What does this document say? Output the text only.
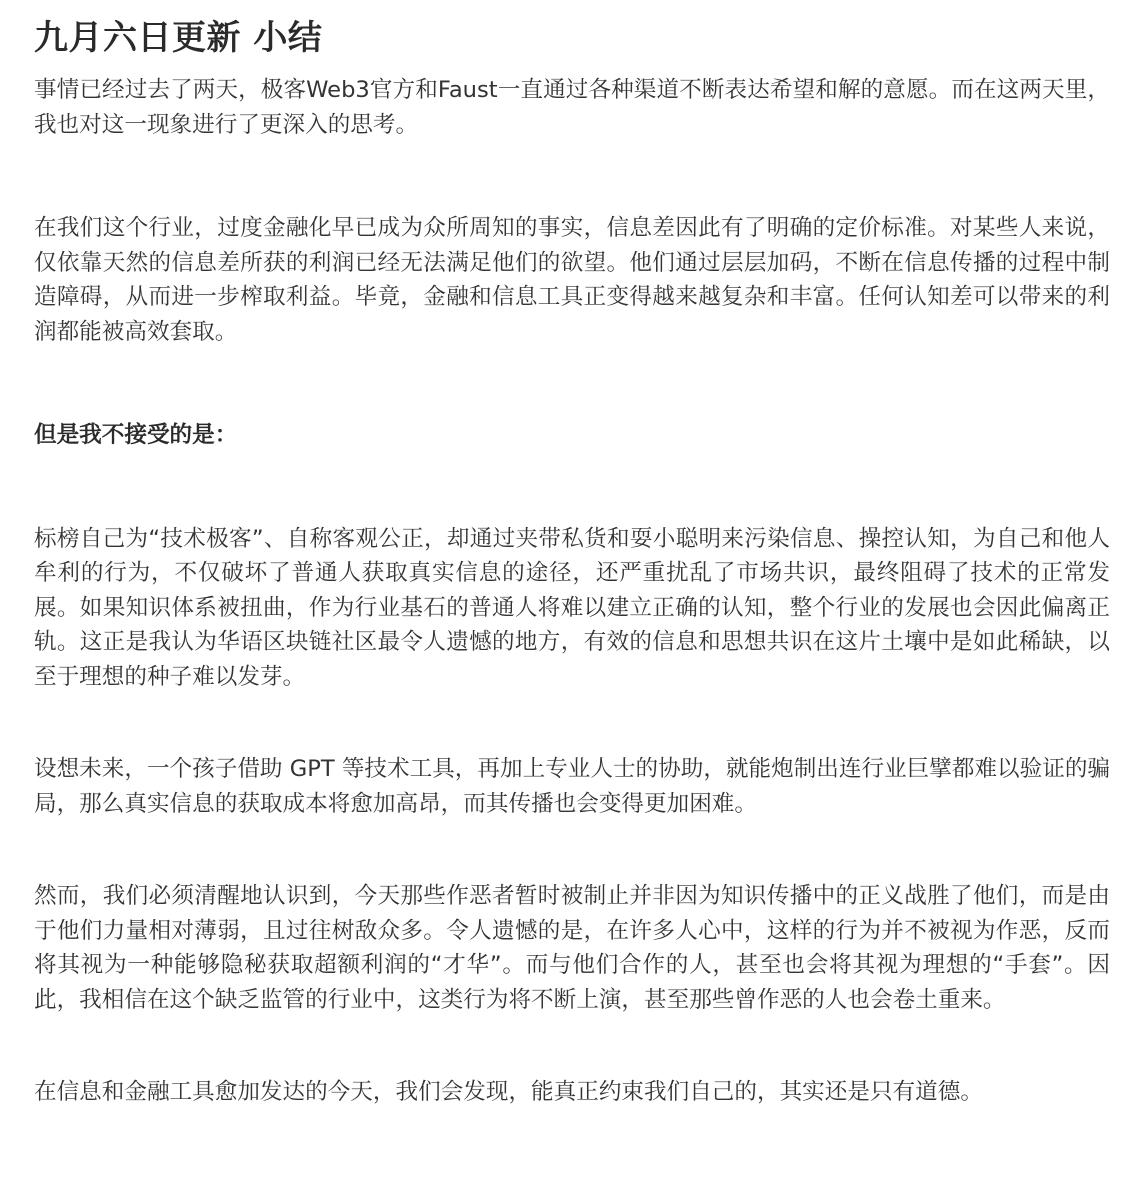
九月六日更新 小结

事情已经过去了两天，极客Web3官方和Faust一直通过各种渠道不断表达希望和解的意愿。而在这两天里，我也对这一现象进行了更深入的思考。

在我们这个行业，过度金融化早已成为众所周知的事实，信息差因此有了明确的定价标准。对某些人来说，仅依靠天然的信息差所获的利润已经无法满足他们的欲望。他们通过层层加码，不断在信息传播的过程中制造障碍，从而进一步榨取利益。毕竟，金融和信息工具正变得越来越复杂和丰富。任何认知差可以带来的利润都能被高效套取。

但是我不接受的是：

标榜自己为“技术极客”、自称客观公正，却通过夹带私货和耍小聪明来污染信息、操控认知，为自己和他人牟利的行为，不仅破坏了普通人获取真实信息的途径，还严重扰乱了市场共识，最终阻碍了技术的正常发展。如果知识体系被扭曲，作为行业基石的普通人将难以建立正确的认知，整个行业的发展也会因此偏离正轨。这正是我认为华语区块链社区最令人遗憾的地方，有效的信息和思想共识在这片土壤中是如此稀缺，以至于理想的种子难以发芽。

设想未来，一个孩子借助 GPT 等技术工具，再加上专业人士的协助，就能炮制出连行业巨擘都难以验证的骗局，那么真实信息的获取成本将愈加高昂，而其传播也会变得更加困难。

然而，我们必须清醒地认识到，今天那些作恶者暂时被制止并非因为知识传播中的正义战胜了他们，而是由于他们力量相对薄弱，且过往树敌众多。令人遗憾的是，在许多人心中，这样的行为并不被视为作恶，反而将其视为一种能够隐秘获取超额利润的“才华”。而与他们合作的人，甚至也会将其视为理想的“手套”。因此，我相信在这个缺乏监管的行业中，这类行为将不断上演，甚至那些曾作恶的人也会卷土重来。

在信息和金融工具愈加发达的今天，我们会发现，能真正约束我们自己的，其实还是只有道德。
